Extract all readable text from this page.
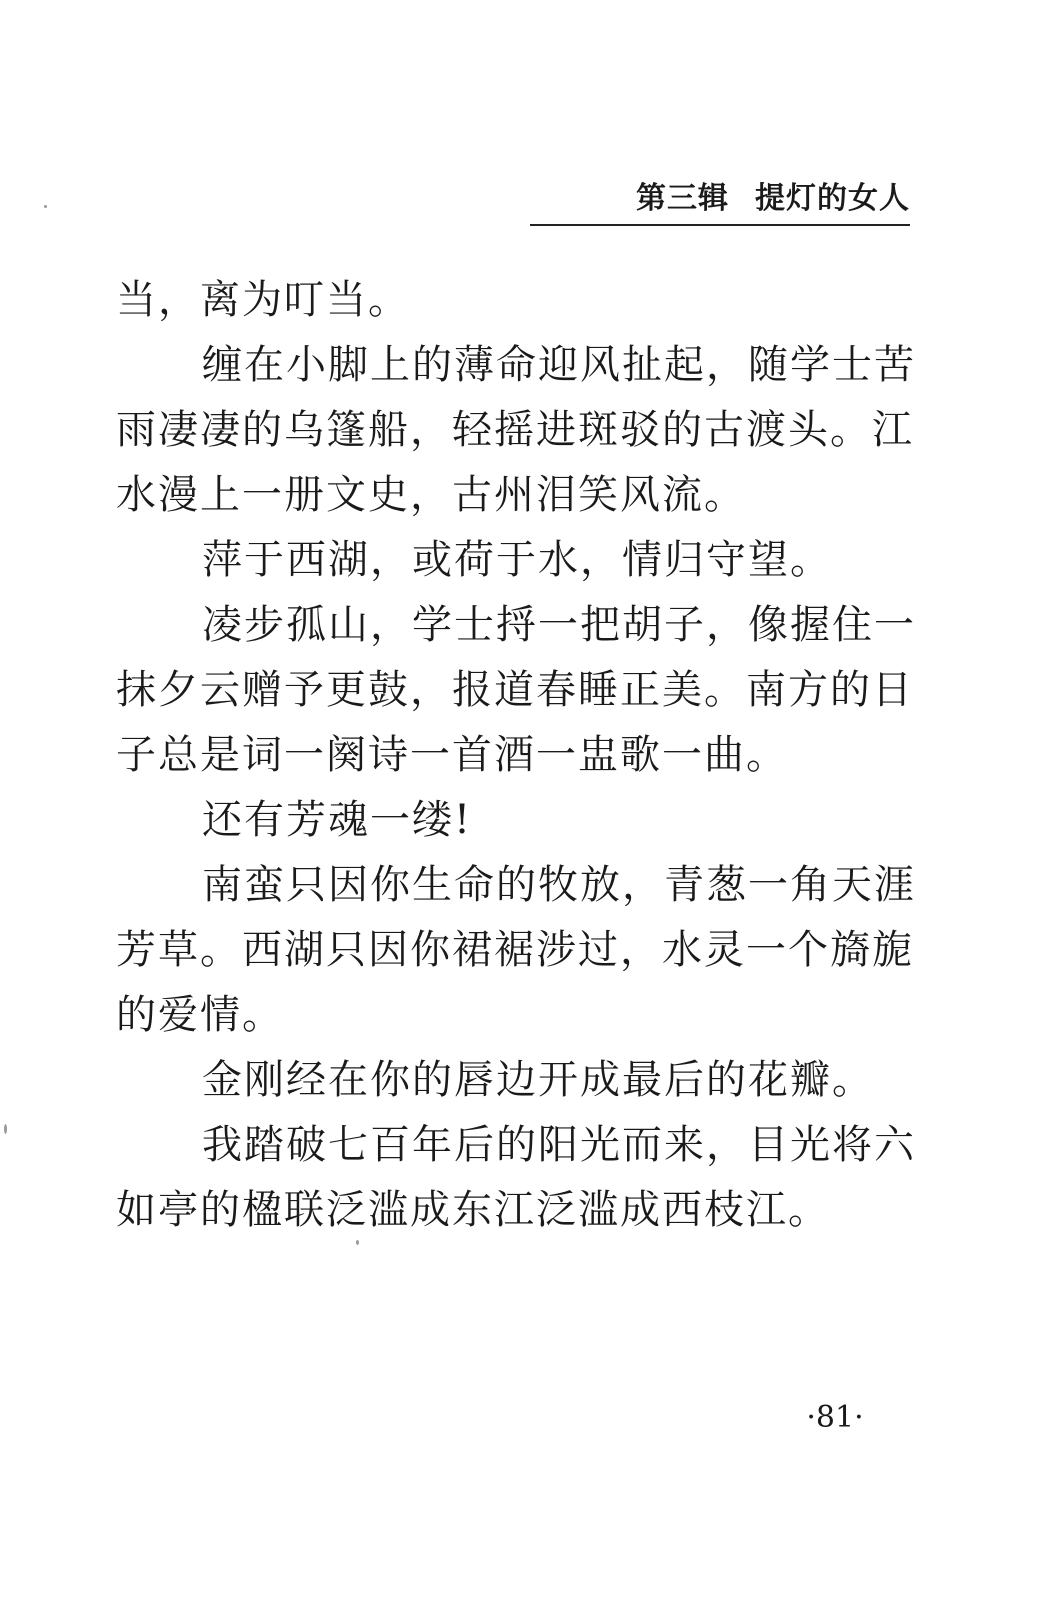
第三辑 提灯的女人
当，离为叮当。
缠在小脚上的薄命迎风扯起，随学士苦
雨凄凄的乌篷船，轻摇进斑驳的古渡头。江
水漫上一册文史，古州泪笑风流。
萍于西湖，或荷于水，情归守望。
凌步孤山，学士捋一把胡子，像握住一
抹夕云赠予更鼓，报道春睡正美。南方的日
子总是词一阕诗一首酒一盅歌一曲。
还有芳魂一缕!
南蛮只因你生命的牧放，青葱一角天涯
芳草。西湖只因你裙裾涉过，水灵一个旖旎
的爱情。
金刚经在你的唇边开成最后的花瓣。
我踏破七百年后的阳光而来，目光将六
如亭的楹联泛滥成东江泛滥成西枝江。
·81·
